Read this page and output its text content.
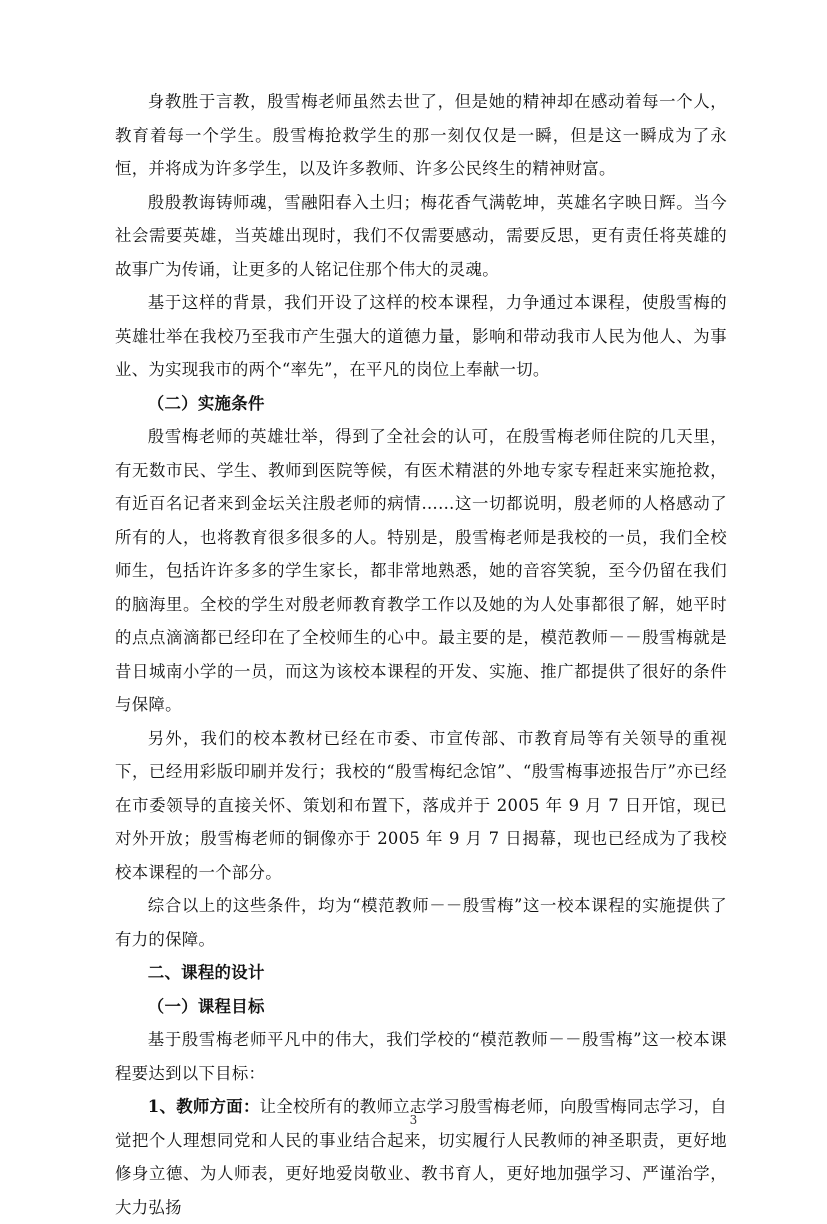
身教胜于言教，殷雪梅老师虽然去世了，但是她的精神却在感动着每一个人，教育着每一个学生。殷雪梅抢救学生的那一刻仅仅是一瞬，但是这一瞬成为了永恒，并将成为许多学生，以及许多教师、许多公民终生的精神财富。

殷殷教诲铸师魂，雪融阳春入土归；梅花香气满乾坤，英雄名字映日辉。当今社会需要英雄，当英雄出现时，我们不仅需要感动，需要反思，更有责任将英雄的故事广为传诵，让更多的人铭记住那个伟大的灵魂。

基于这样的背景，我们开设了这样的校本课程，力争通过本课程，使殷雪梅的英雄壮举在我校乃至我市产生强大的道德力量，影响和带动我市人民为他人、为事业、为实现我市的两个“率先”，在平凡的岗位上奉献一切。

（二）实施条件

殷雪梅老师的英雄壮举，得到了全社会的认可，在殷雪梅老师住院的几天里，有无数市民、学生、教师到医院等候，有医术精湛的外地专家专程赶来实施抢救，有近百名记者来到金坛关注殷老师的病情……这一切都说明，殷老师的人格感动了所有的人，也将教育很多很多的人。特别是，殷雪梅老师是我校的一员，我们全校师生，包括许许多多的学生家长，都非常地熟悉，她的音容笑貌，至今仍留在我们的脑海里。全校的学生对殷老师教育教学工作以及她的为人处事都很了解，她平时的点点滴滴都已经印在了全校师生的心中。最主要的是，模范教师－－殷雪梅就是昔日城南小学的一员，而这为该校本课程的开发、实施、推广都提供了很好的条件与保障。

另外，我们的校本教材已经在市委、市宣传部、市教育局等有关领导的重视下，已经用彩版印刷并发行；我校的“殷雪梅纪念馆”、“殷雪梅事迹报告厅”亦已经在市委领导的直接关怀、策划和布置下，落成并于 2005 年 9 月 7 日开馆，现已对外开放；殷雪梅老师的铜像亦于 2005 年 9 月 7 日揭幕，现也已经成为了我校校本课程的一个部分。

综合以上的这些条件，均为“模范教师－－殷雪梅”这一校本课程的实施提供了有力的保障。

二、课程的设计

（一）课程目标

基于殷雪梅老师平凡中的伟大，我们学校的“模范教师－－殷雪梅”这一校本课程要达到以下目标：

1、教师方面：让全校所有的教师立志学习殷雪梅老师，向殷雪梅同志学习，自觉把个人理想同党和人民的事业结合起来，切实履行人民教师的神圣职责，更好地修身立德、为人师表，更好地爱岗敬业、教书育人，更好地加强学习、严谨治学，大力弘扬

3
